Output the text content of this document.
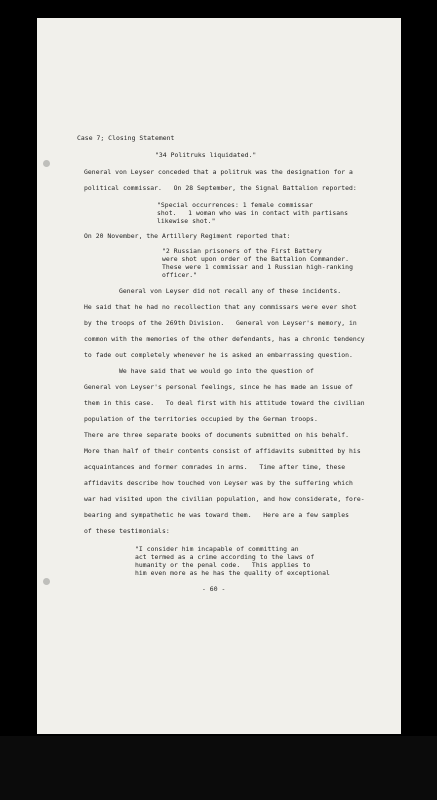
Case 7; Closing Statement
"34 Politruks liquidated."
General von Leyser conceded that a politruk was the designation for a
political commissar.   On 28 September, the Signal Battalion reported:
"Special occurrences: 1 female commissar
shot.   1 woman who was in contact with partisans
likewise shot."
On 20 November, the Artillery Regiment reported that:
"2 Russian prisoners of the First Battery
were shot upon order of the Battalion Commander.
These were 1 commissar and 1 Russian high-ranking
officer."
General von Leyser did not recall any of these incidents.
He said that he had no recollection that any commissars were ever shot
by the troops of the 269th Division.   General von Leyser's memory, in
common with the memories of the other defendants, has a chronic tendency
to fade out completely whenever he is asked an embarrassing question.
We have said that we would go into the question of
General von Leyser's personal feelings, since he has made an issue of
them in this case.   To deal first with his attitude toward the civilian
population of the territories occupied by the German troops.
There are three separate books of documents submitted on his behalf.
More than half of their contents consist of affidavits submitted by his
acquaintances and former comrades in arms.   Time after time, these
affidavits describe how touched von Leyser was by the suffering which
war had visited upon the civilian population, and how considerate, fore-
bearing and sympathetic he was toward them.   Here are a few samples
of these testimonials:
"I consider him incapable of committing an
act termed as a crime according to the laws of
humanity or the penal code.   This applies to
him even more as he has the quality of exceptional
- 60 -
